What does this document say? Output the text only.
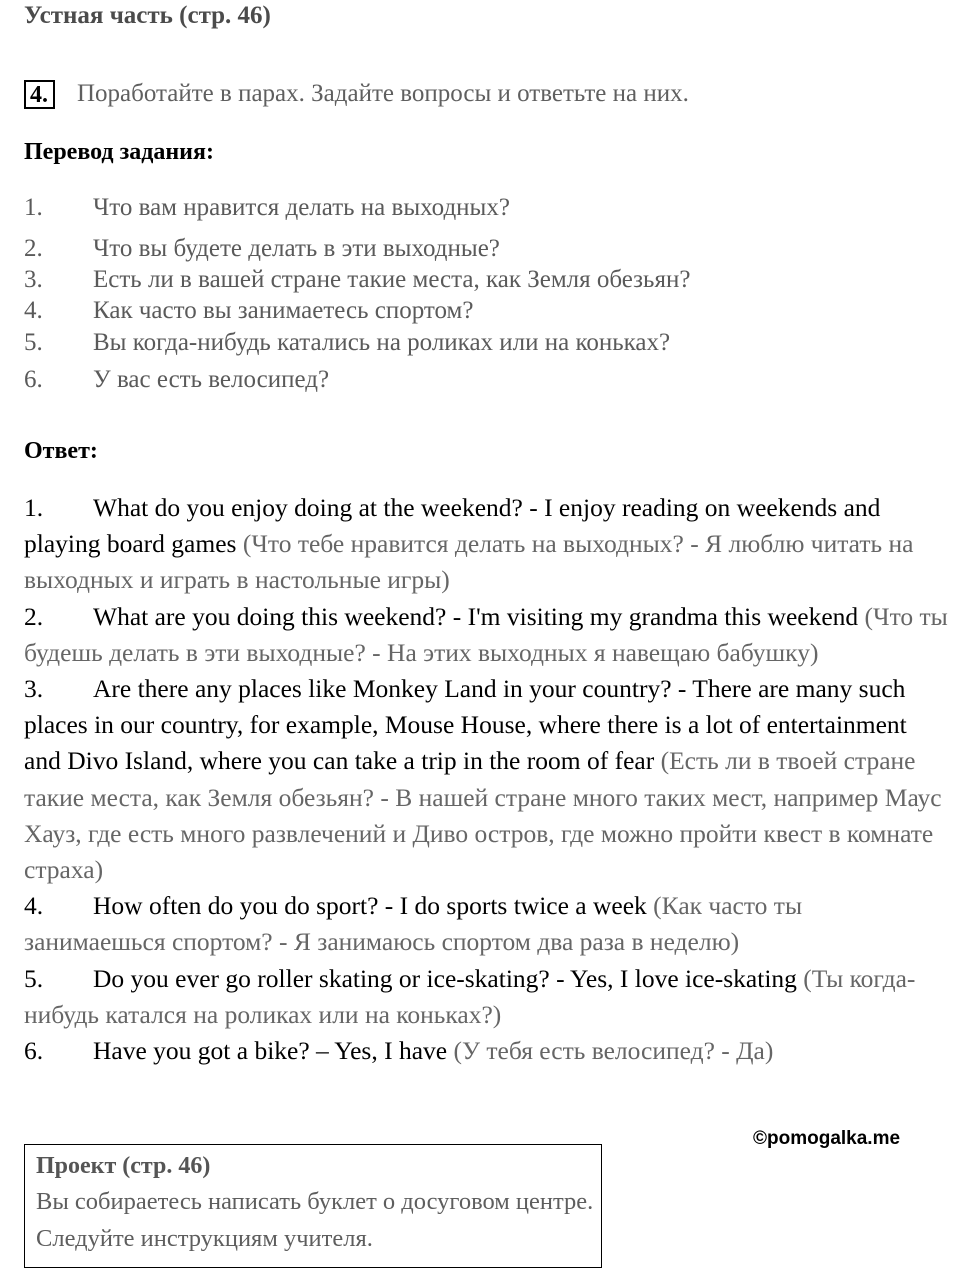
Устная часть (стр. 46)
4. Поработайте в парах. Задайте вопросы и ответьте на них.
Перевод задания:
1. Что вам нравится делать на выходных?
2. Что вы будете делать в эти выходные?
3. Есть ли в вашей стране такие места, как Земля обезьян?
4. Как часто вы занимаетесь спортом?
5. Вы когда-нибудь катались на роликах или на коньках?
6. У вас есть велосипед?
Ответ:

1. What do you enjoy doing at the weekend? - I enjoy reading on weekends and playing board games (Что тебе нравится делать на выходных? - Я люблю читать на выходных и играть в настольные игры)

2. What are you doing this weekend? - I'm visiting my grandma this weekend (Что ты будешь делать в эти выходные? - На этих выходных я навещаю бабушку)

3. Are there any places like Monkey Land in your country? - There are many such places in our country, for example, Mouse House, where there is a lot of entertainment and Divo Island, where you can take a trip in the room of fear (Есть ли в твоей стране такие места, как Земля обезьян? - В нашей стране много таких мест, например Маус Хауз, где есть много развлечений и Диво остров, где можно пройти квест в комнате страха)

4. How often do you do sport? - I do sports twice a week (Как часто ты занимаешься спортом? - Я занимаюсь спортом два раза в неделю)

5. Do you ever go roller skating or ice-skating? - Yes, I love ice-skating (Ты когда-нибудь катался на роликах или на коньках?)

6. Have you got a bike? – Yes, I have (У тебя есть велосипед? - Да)

©pomogalka.me
Проект (стр. 46)
Вы собираетесь написать буклет о досуговом центре. Следуйте инструкциям учителя.
